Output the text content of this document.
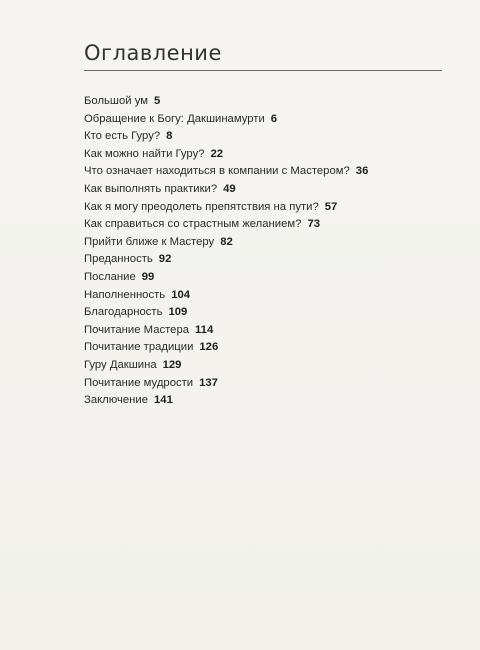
Оглавление
Большой ум 5
Обращение к Богу: Дакшинамурти 6
Кто есть Гуру? 8
Как можно найти Гуру? 22
Что означает находиться в компании с Мастером? 36
Как выполнять практики? 49
Как я могу преодолеть препятствия на пути? 57
Как справиться со страстным желанием? 73
Прийти ближе к Мастеру 82
Преданность 92
Послание 99
Наполненность 104
Благодарность 109
Почитание Мастера 114
Почитание традиции 126
Гуру Дакшина 129
Почитание мудрости 137
Заключение 141
